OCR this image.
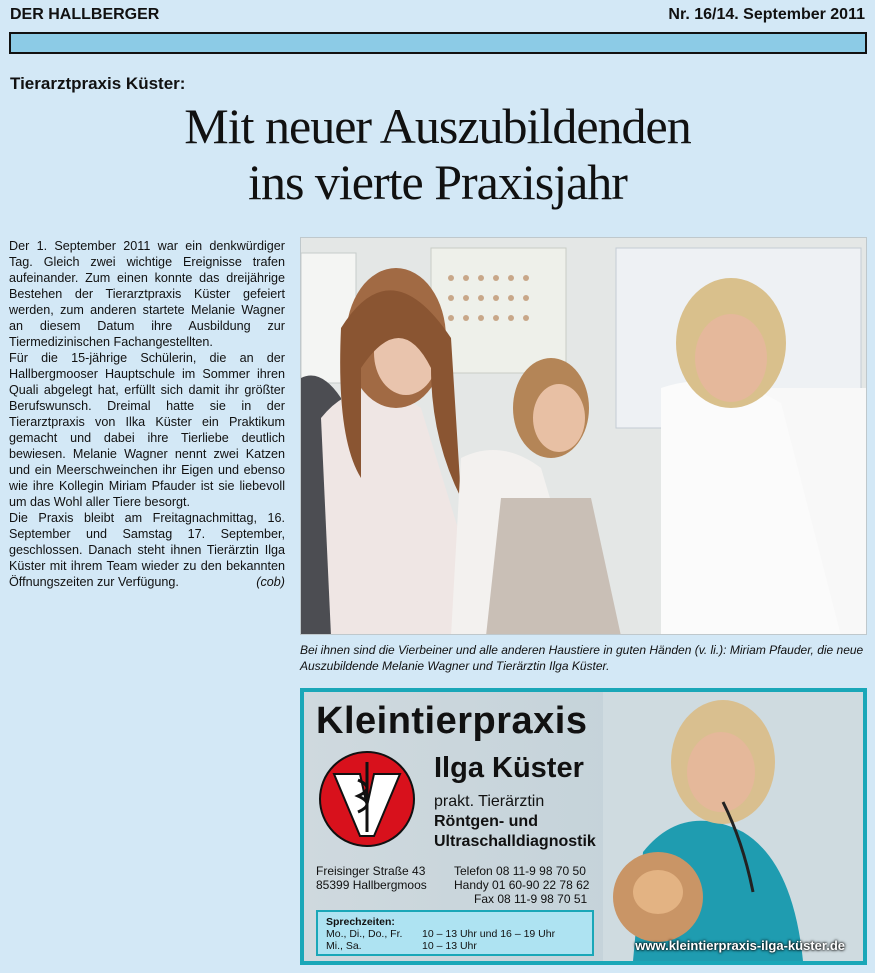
DER HALLBERGER	Nr. 16/14. September 2011
Tierarztpraxis Küster:
Mit neuer Auszubildenden
ins vierte Praxisjahr

Der 1. September 2011 war ein denkwürdiger Tag. Gleich zwei wichtige Ereignisse trafen aufeinander. Zum einen konnte das dreijährige Bestehen der Tierarztpraxis Küster gefeiert werden, zum anderen startete Melanie Wagner an diesem Datum ihre Ausbildung zur Tiermedizinischen Fachangestellten.

Für die 15-jährige Schülerin, die an der Hallbergmooser Hauptschule im Sommer ihren Quali abgelegt hat, erfüllt sich damit ihr größter Berufswunsch. Dreimal hatte sie in der Tierarztpraxis von Ilka Küster ein Praktikum gemacht und dabei ihre Tierliebe deutlich bewiesen. Melanie Wagner nennt zwei Katzen und ein Meerschweinchen ihr Eigen und ebenso wie ihre Kollegin Miriam Pfauder ist sie liebevoll um das Wohl aller Tiere besorgt.

Die Praxis bleibt am Freitagnachmittag, 16. September und Samstag 17. September, geschlossen. Danach steht ihnen Tierärztin Ilga Küster mit ihrem Team wieder zu den bekannten Öffnungszeiten zur Verfügung.	(cob)

Bei ihnen sind die Vierbeiner und alle anderen Haustiere in guten Händen (v. li.): Miriam Pfauder, die neue Auszubildende Melanie Wagner und Tierärztin Ilga Küster.
Kleintierpraxis
Ilga Küster
prakt. Tierärztin
Röntgen- und
Ultraschalldiagnostik
Freisinger Straße 43
85399 Hallbergmoos
Telefon 08 11-9 98 70 50
Handy 01 60-90 22 78 62
Fax 08 11-9 98 70 51
Sprechzeiten:
Mo., Di., Do., Fr. 10 – 13 Uhr und 16 – 19 Uhr
Mi., Sa.	10 – 13 Uhr	www.kleintierpraxis-ilga-küster.de
